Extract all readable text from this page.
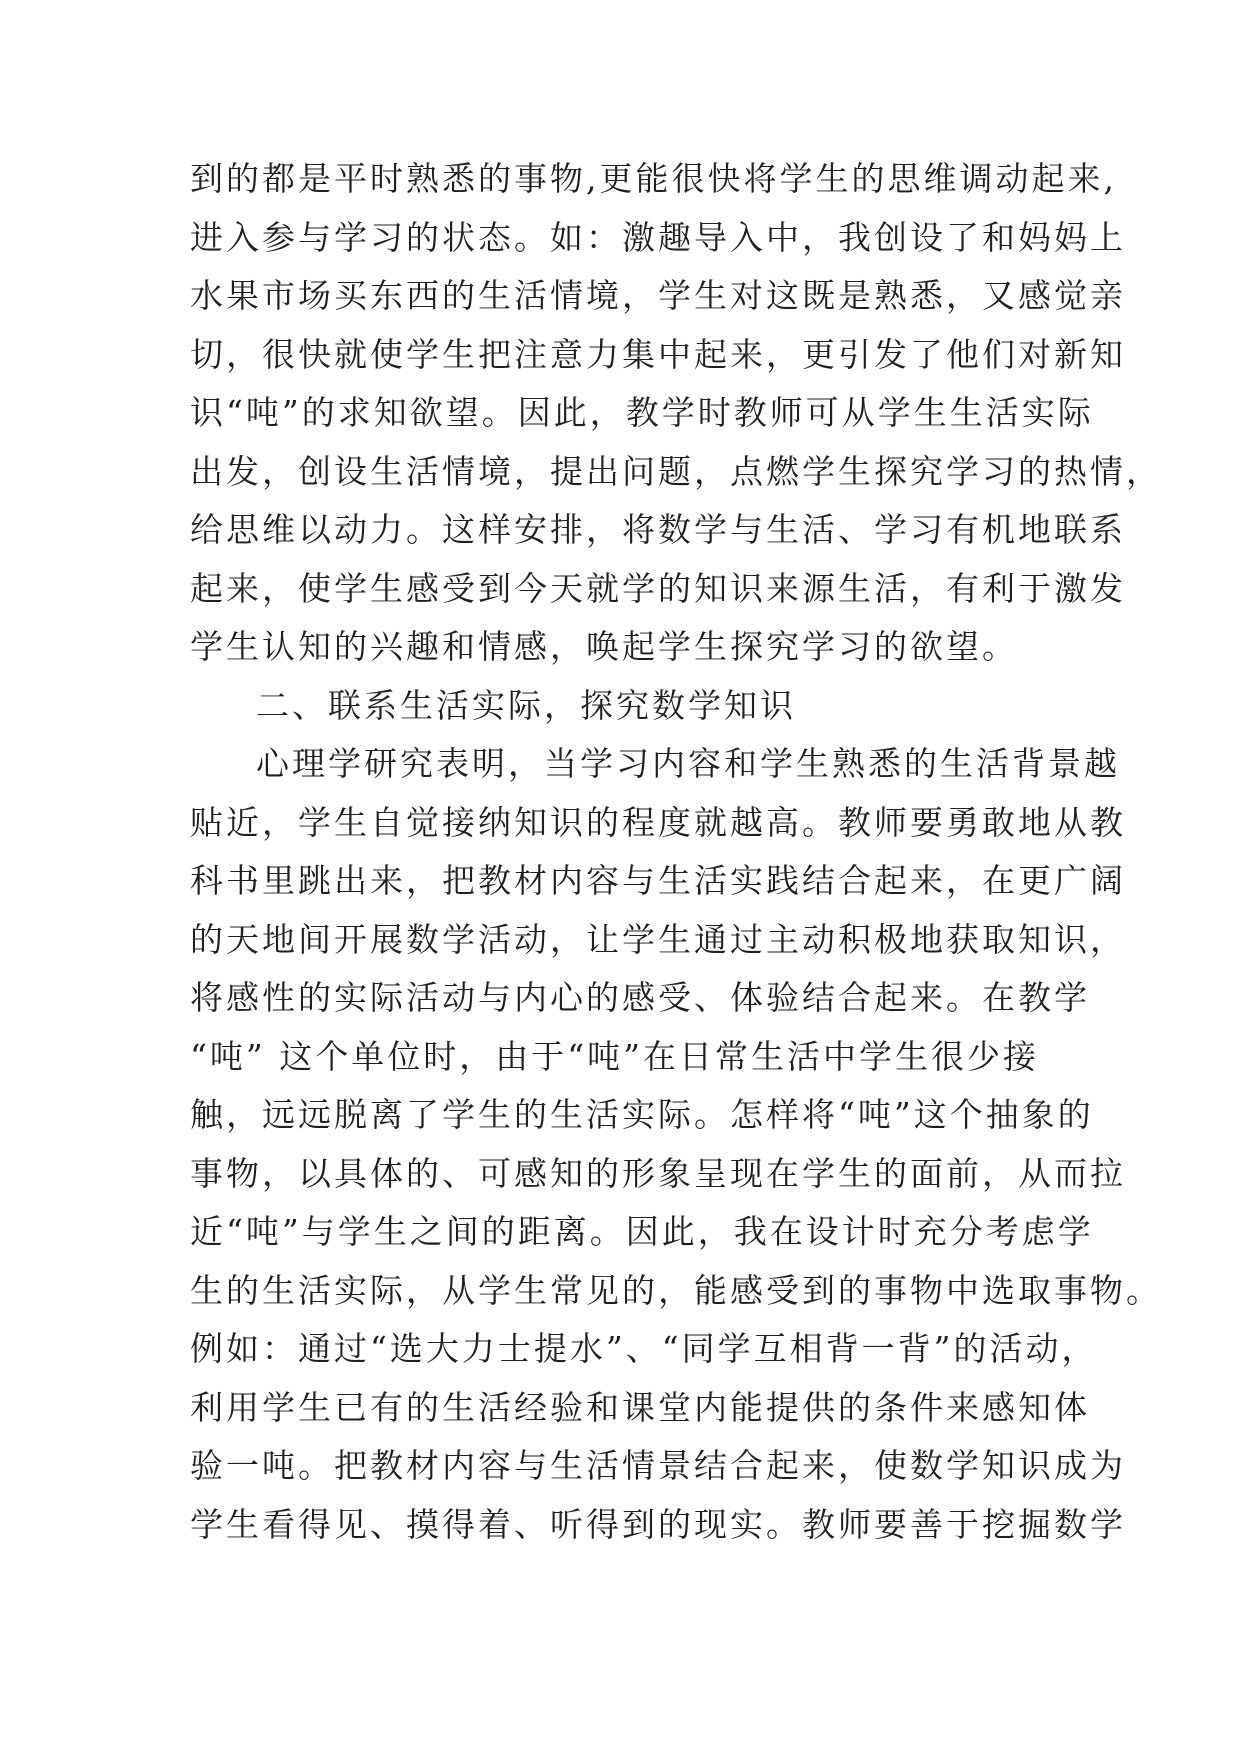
到的都是平时熟悉的事物,更能很快将学生的思维调动起来,
进入参与学习的状态。如：激趣导入中，我创设了和妈妈上
水果市场买东西的生活情境，学生对这既是熟悉，又感觉亲
切，很快就使学生把注意力集中起来，更引发了他们对新知
识“吨”的求知欲望。因此，教学时教师可从学生生活实际
出发，创设生活情境，提出问题，点燃学生探究学习的热情，
给思维以动力。这样安排，将数学与生活、学习有机地联系
起来，使学生感受到今天就学的知识来源生活，有利于激发
学生认知的兴趣和情感，唤起学生探究学习的欲望。
二、联系生活实际，探究数学知识
心理学研究表明，当学习内容和学生熟悉的生活背景越
贴近，学生自觉接纳知识的程度就越高。教师要勇敢地从教
科书里跳出来，把教材内容与生活实践结合起来，在更广阔
的天地间开展数学活动，让学生通过主动积极地获取知识，
将感性的实际活动与内心的感受、体验结合起来。在教学
“吨” 这个单位时，由于“吨”在日常生活中学生很少接
触，远远脱离了学生的生活实际。怎样将“吨”这个抽象的
事物，以具体的、可感知的形象呈现在学生的面前，从而拉
近“吨”与学生之间的距离。因此，我在设计时充分考虑学
生的生活实际，从学生常见的，能感受到的事物中选取事物。
例如：通过“选大力士提水”、“同学互相背一背”的活动，
利用学生已有的生活经验和课堂内能提供的条件来感知体
验一吨。把教材内容与生活情景结合起来，使数学知识成为
学生看得见、摸得着、听得到的现实。教师要善于挖掘数学
